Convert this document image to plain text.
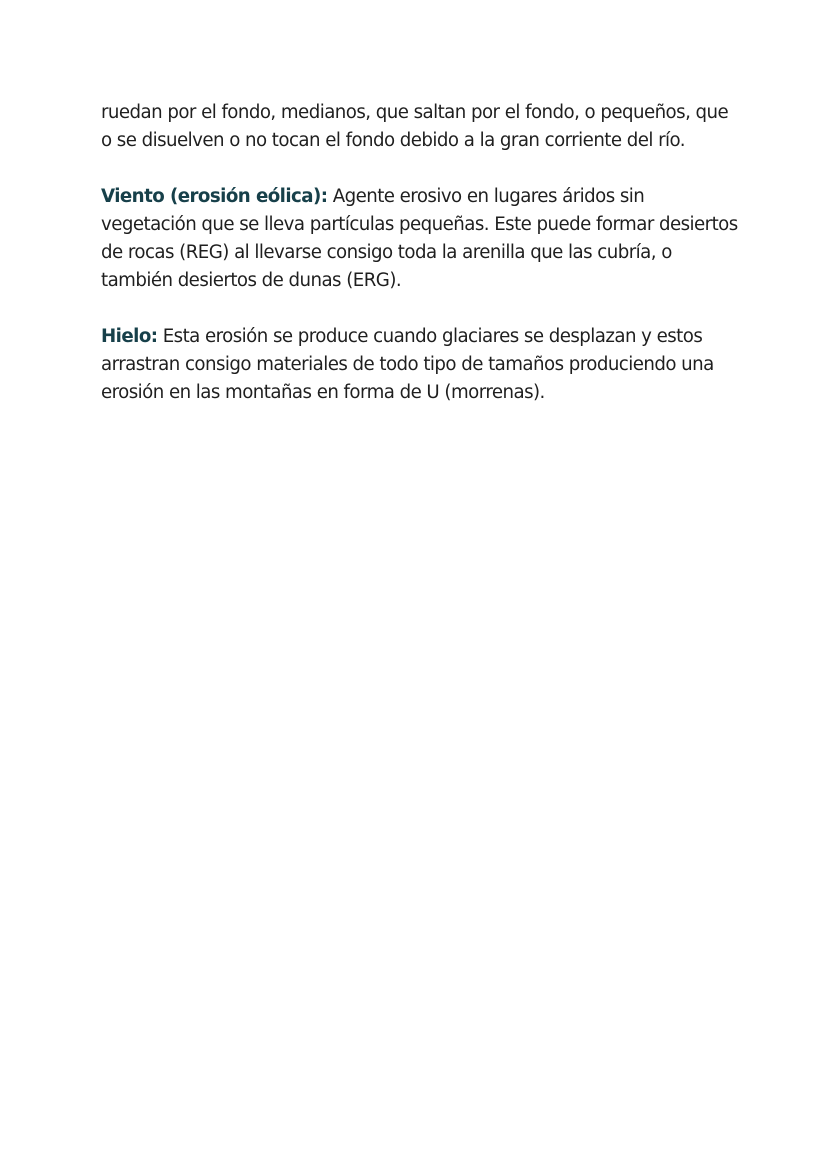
ruedan por el fondo, medianos, que saltan por el fondo, o pequeños, que o se disuelven o no tocan el fondo debido a la gran corriente del río.

Viento (erosión eólica): Agente erosivo en lugares áridos sin vegetación que se lleva partículas pequeñas. Este puede formar desiertos de rocas (REG) al llevarse consigo toda la arenilla que las cubría, o también desiertos de dunas (ERG).

Hielo: Esta erosión se produce cuando glaciares se desplazan y estos arrastran consigo materiales de todo tipo de tamaños produciendo una erosión en las montañas en forma de U (morrenas).
